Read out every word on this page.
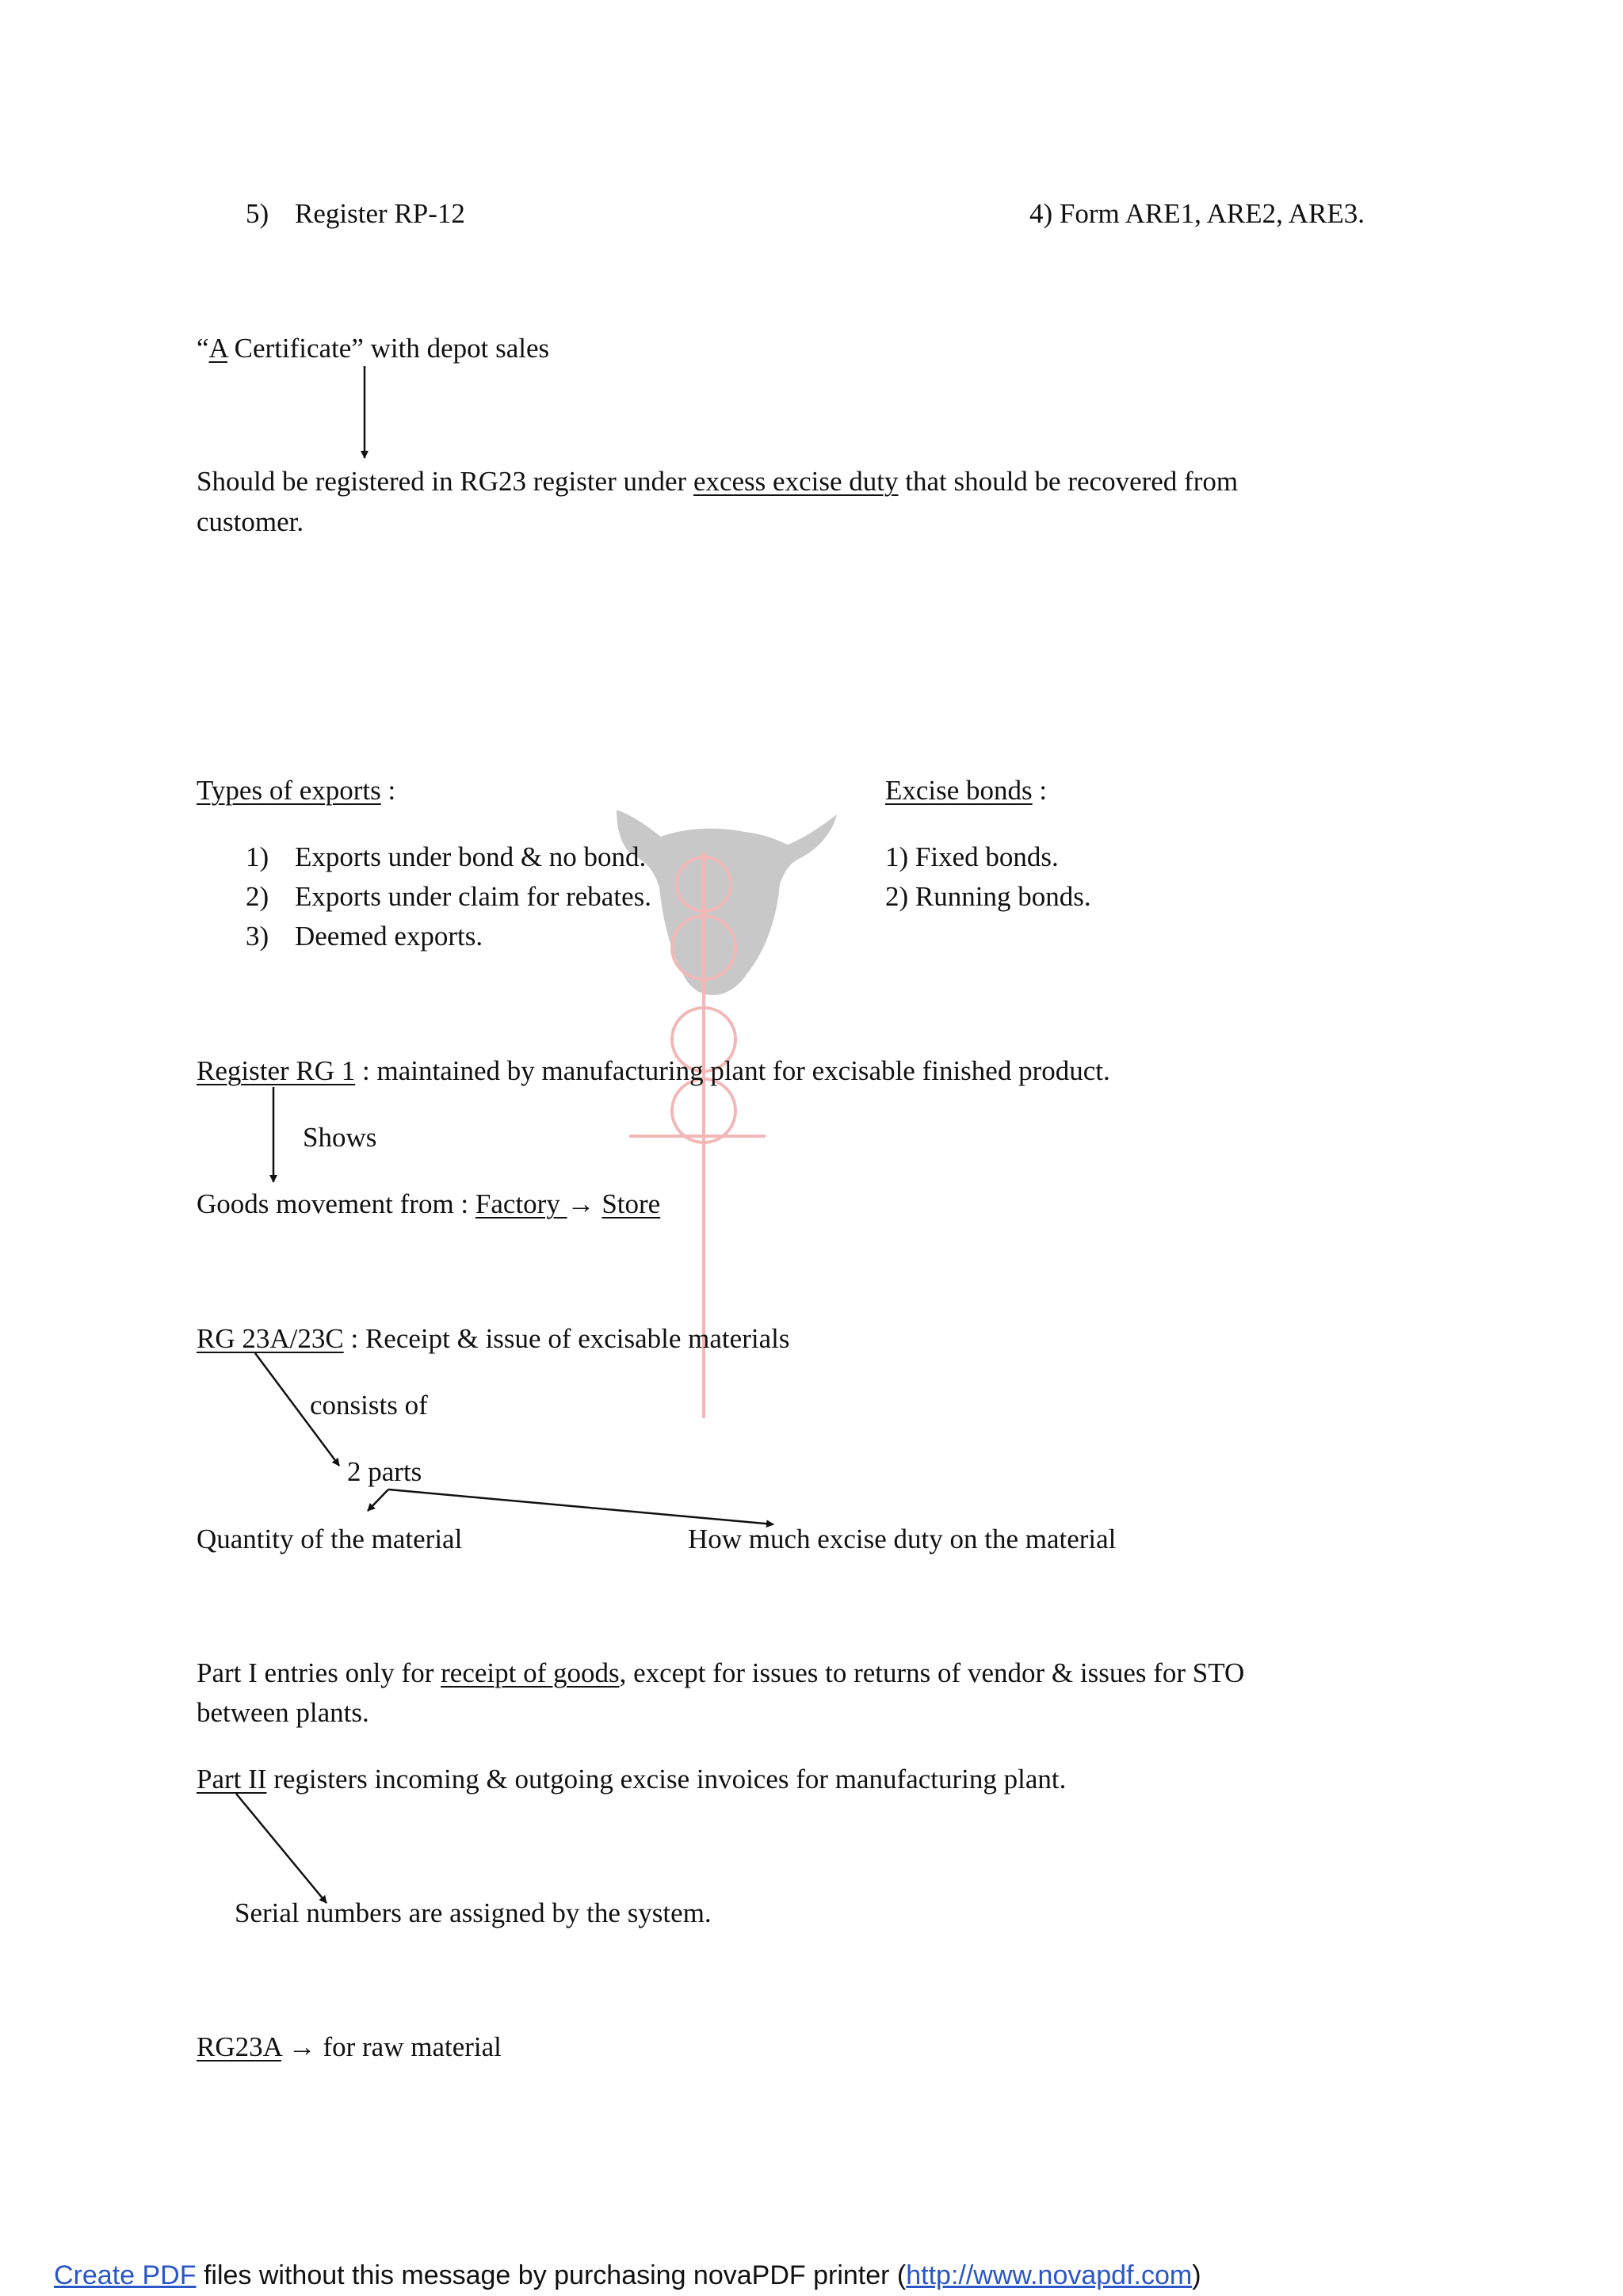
5) Register RP-12	4) Form ARE1, ARE2, ARE3.
“A Certificate” with depot sales
Should be registered in RG23 register under excess excise duty that should be recovered from
customer.
Types of exports :
1) Exports under bond & no bond.
2) Exports under claim for rebates.
3) Deemed exports.
Excise bonds :
1) Fixed bonds.
2) Running bonds.
Register RG 1 : maintained by manufacturing plant for excisable finished product.
Shows
Goods movement from : Factory → Store
RG 23A/23C : Receipt & issue of excisable materials
consists of
2 parts
Quantity of the material	How much excise duty on the material
Part I entries only for receipt of goods, except for issues to returns of vendor & issues for STO
between plants.
Part II registers incoming & outgoing excise invoices for manufacturing plant.
Serial numbers are assigned by the system.
RG23A → for raw material
Create PDF files without this message by purchasing novaPDF printer (http://www.novapdf.com)
